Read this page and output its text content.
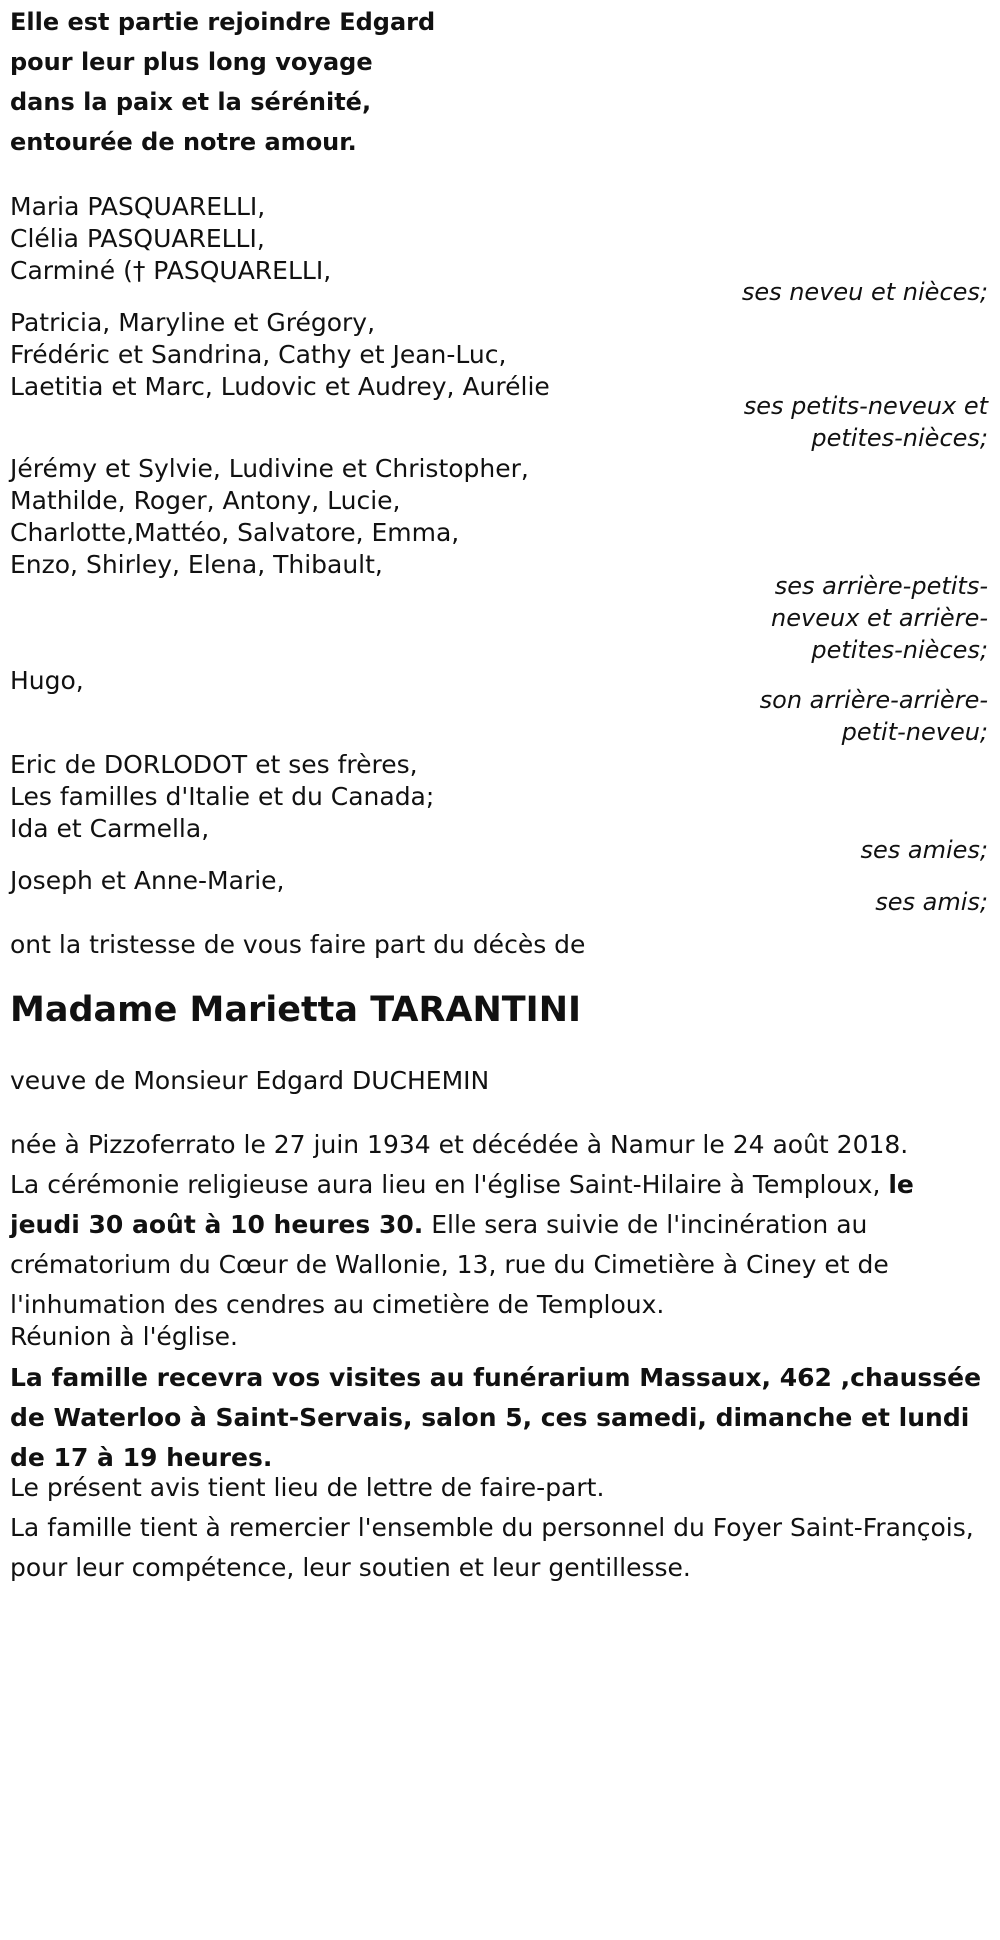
Elle est partie rejoindre Edgard
pour leur plus long voyage
dans la paix et la sérénité,
entourée de notre amour.
Maria PASQUARELLI,
Clélia PASQUARELLI,
Carminé († PASQUARELLI,
ses neveu et nièces;
Patricia, Maryline et Grégory,
Frédéric et Sandrina, Cathy et Jean-Luc,
Laetitia et Marc, Ludovic et Audrey, Aurélie
ses petits-neveux et
petites-nièces;
Jérémy et Sylvie, Ludivine et Christopher,
Mathilde, Roger, Antony, Lucie,
Charlotte,Mattéo, Salvatore, Emma,
Enzo, Shirley, Elena, Thibault,
ses arrière-petits-
neveux et arrière-
petites-nièces;
Hugo,
son arrière-arrière-
petit-neveu;
Eric de DORLODOT et ses frères,
Les familles d'Italie et du Canada;
Ida et Carmella,
ses amies;
Joseph et Anne-Marie,
ses amis;
ont la tristesse de vous faire part du décès de
Madame Marietta TARANTINI
veuve de Monsieur Edgard DUCHEMIN
née à Pizzoferrato le 27 juin 1934 et décédée à Namur le 24 août 2018.
La cérémonie religieuse aura lieu en l'église Saint-Hilaire à Temploux, le jeudi 30 août à 10 heures 30. Elle sera suivie de l'incinération au crématorium du Cœur de Wallonie, 13, rue du Cimetière à Ciney et de l'inhumation des cendres au cimetière de Temploux.
Réunion à l'église.
La famille recevra vos visites au funérarium Massaux, 462 ,chaussée de Waterloo à Saint-Servais, salon 5, ces samedi, dimanche et lundi de 17 à 19 heures.
Le présent avis tient lieu de lettre de faire-part.
La famille tient à remercier l'ensemble du personnel du Foyer Saint-François, pour leur compétence, leur soutien et leur gentillesse.
